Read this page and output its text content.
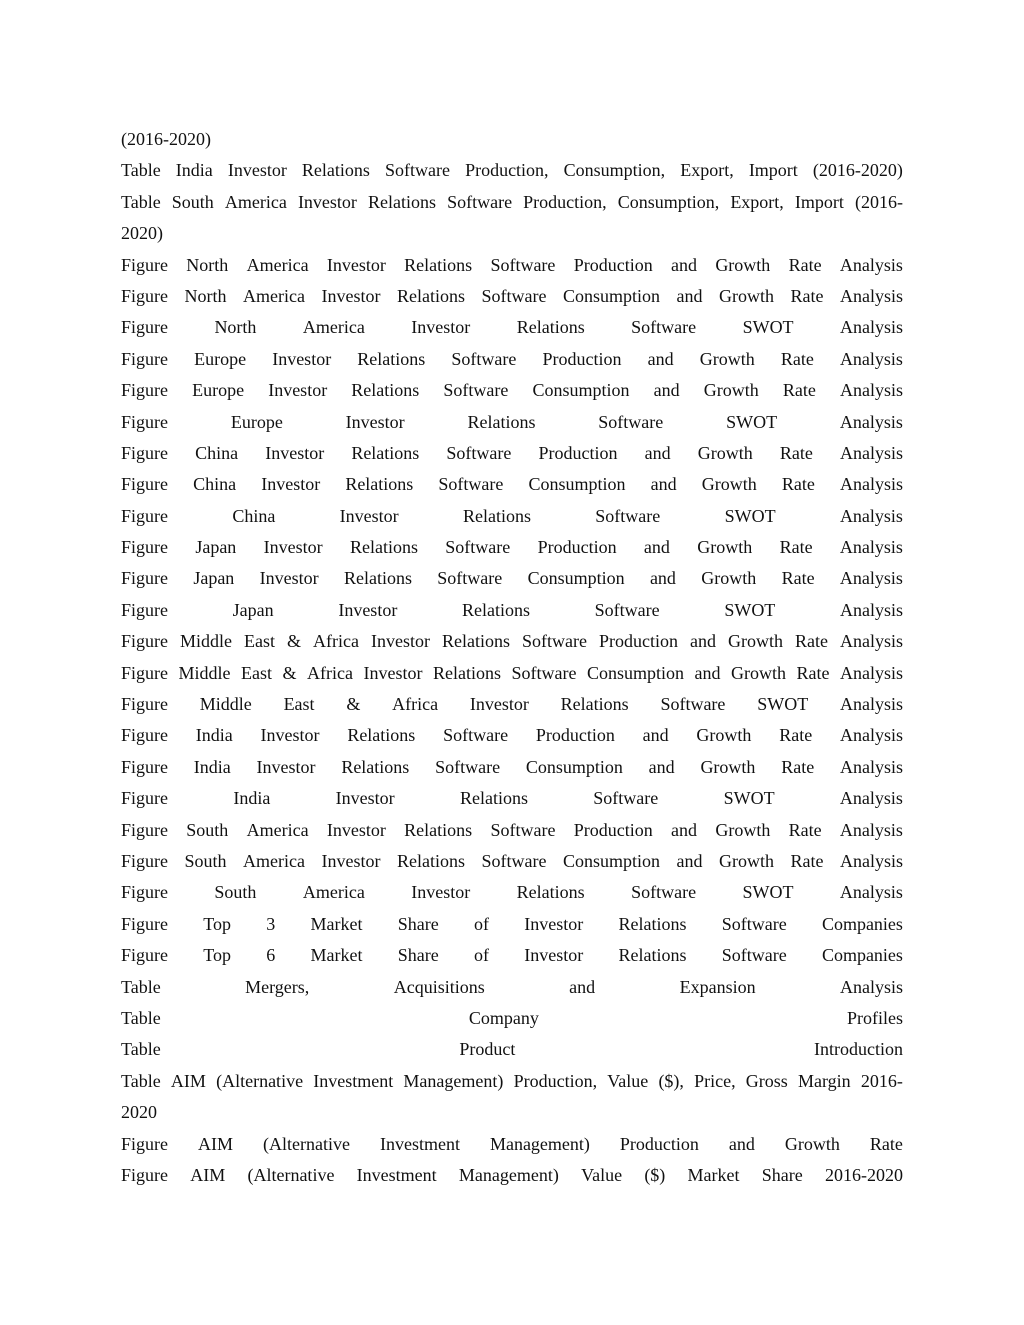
(2016-2020)
Table India Investor Relations Software Production, Consumption, Export, Import (2016-2020)
Table South America Investor Relations Software Production, Consumption, Export, Import (2016-
2020)
Figure North America Investor Relations Software Production and Growth Rate Analysis
Figure North America Investor Relations Software Consumption and Growth Rate Analysis
Figure	North	America	Investor	Relations	Software	SWOT	Analysis
Figure Europe Investor Relations Software Production and Growth Rate Analysis
Figure Europe Investor Relations Software Consumption and Growth Rate Analysis
Figure	Europe	Investor	Relations	Software	SWOT	Analysis
Figure China Investor Relations Software Production and Growth Rate Analysis
Figure China Investor Relations Software Consumption and Growth Rate Analysis
Figure	China	Investor	Relations	Software	SWOT	Analysis
Figure Japan Investor Relations Software Production and Growth Rate Analysis
Figure Japan Investor Relations Software Consumption and Growth Rate Analysis
Figure	Japan	Investor	Relations	Software	SWOT	Analysis
Figure Middle East & Africa Investor Relations Software Production and Growth Rate Analysis
Figure Middle East & Africa Investor Relations Software Consumption and Growth Rate Analysis
Figure Middle East & Africa Investor Relations Software SWOT Analysis
Figure India Investor Relations Software Production and Growth Rate Analysis
Figure India Investor Relations Software Consumption and Growth Rate Analysis
Figure	India	Investor	Relations	Software	SWOT	Analysis
Figure South America Investor Relations Software Production and Growth Rate Analysis
Figure South America Investor Relations Software Consumption and Growth Rate Analysis
Figure	South	America	Investor	Relations	Software	SWOT	Analysis
Figure Top 3 Market Share of Investor Relations Software Companies
Figure Top 6 Market Share of Investor Relations Software Companies
Table	Mergers,	Acquisitions	and	Expansion	Analysis
Table	Company	Profiles
Table	Product	Introduction
Table AIM (Alternative Investment Management) Production, Value ($), Price, Gross Margin 2016-
2020
Figure AIM (Alternative Investment Management) Production and Growth Rate
Figure AIM (Alternative Investment Management) Value ($) Market Share 2016-2020
